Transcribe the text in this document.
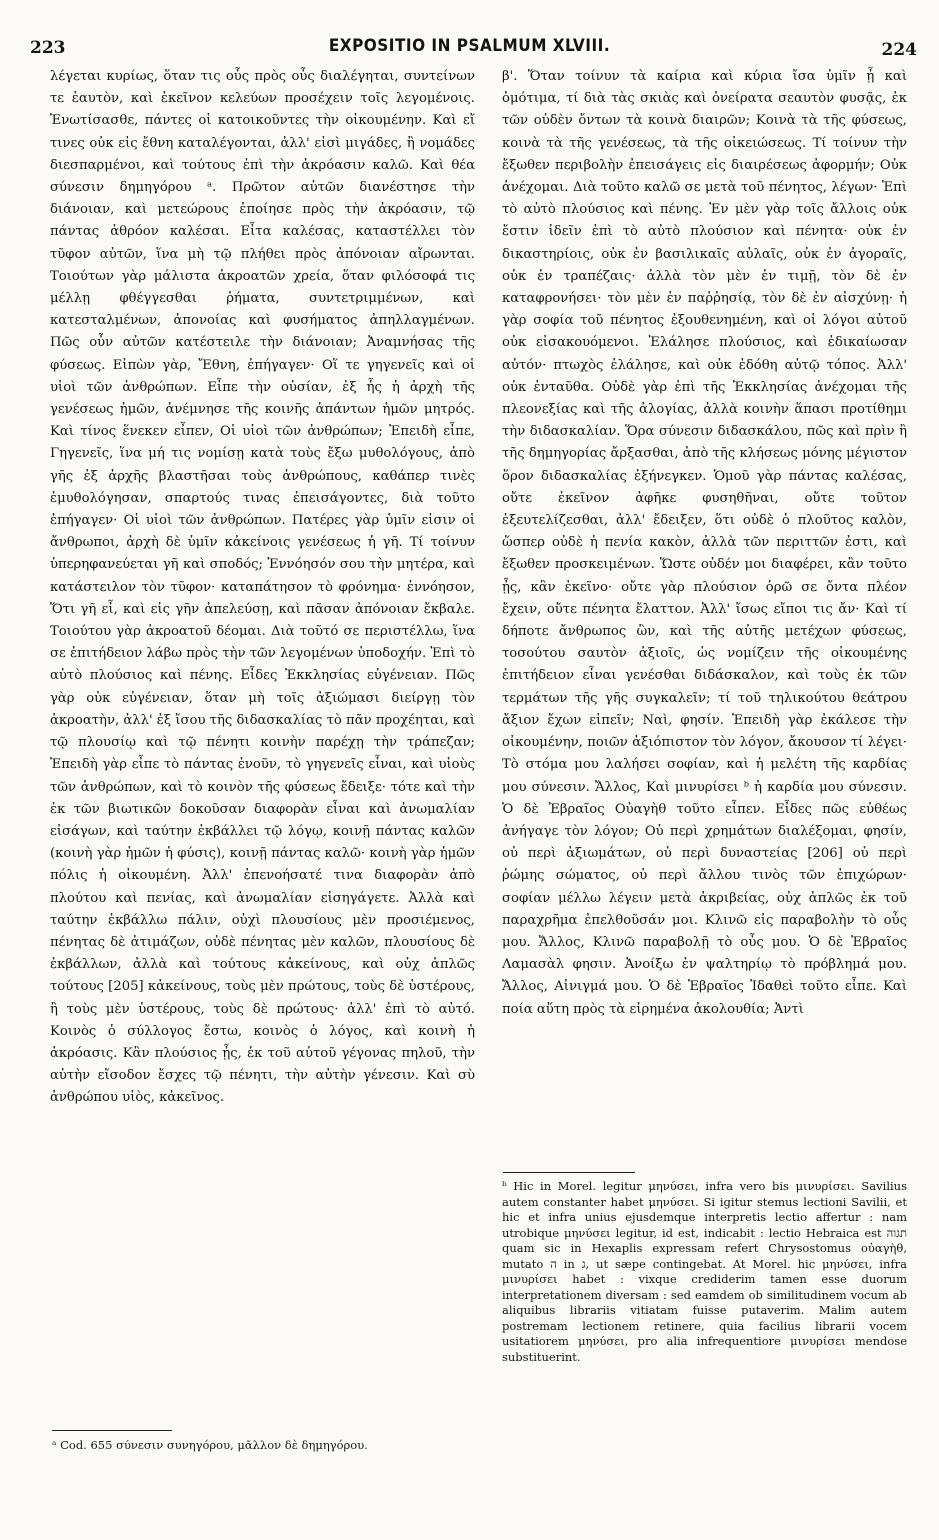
223	EXPOSITIO IN PSALMUM XLVIII.	224

λέγεται κυρίως, ὅταν τις οὖς πρὸς οὖς διαλέγηται, συντείνων τε ἑαυτὸν, καὶ ἐκεῖνον κελεύων προσέχειν τοῖς λεγομένοις. Ἐνωτίσασθε, πάντες οἱ κατοικοῦντες τὴν οἰκουμένην. Καὶ εἴ τινες οὐκ εἰς ἔθνη καταλέγονται, ἀλλ' εἰσὶ μιγάδες, ἢ νομάδες διεσπαρμένοι, καὶ τούτους ἐπὶ τὴν ἀκρόασιν καλῶ. Καὶ θέα σύνεσιν δημηγόρου ᵃ. Πρῶτον αὐτῶν διανέστησε τὴν διάνοιαν, καὶ μετεώρους ἐποίησε πρὸς τὴν ἀκρόασιν, τῷ πάντας ἀθρόον καλέσαι. Εἶτα καλέσας, καταστέλλει τὸν τῦφον αὐτῶν, ἵνα μὴ τῷ πλήθει πρὸς ἀπόνοιαν αἴρωνται. Τοιούτων γὰρ μάλιστα ἀκροατῶν χρεία, ὅταν φιλόσοφά τις μέλλῃ φθέγγεσθαι ῥήματα, συντετριμμένων, καὶ κατεσταλμένων, ἀπονοίας καὶ φυσήματος ἀπηλλαγμένων. Πῶς οὖν αὐτῶν κατέστειλε τὴν διάνοιαν; Ἀναμνήσας τῆς φύσεως. Εἰπὼν γὰρ, Ἔθνη, ἐπήγαγεν· Οἵ τε γηγενεῖς καὶ οἱ υἱοὶ τῶν ἀνθρώπων. Εἶπε τὴν οὐσίαν, ἐξ ἧς ἡ ἀρχὴ τῆς γενέσεως ἡμῶν, ἀνέμνησε τῆς κοινῆς ἁπάντων ἡμῶν μητρός. Καὶ τίνος ἕνεκεν εἶπεν, Οἱ υἱοὶ τῶν ἀνθρώπων; Ἐπειδὴ εἶπε, Γηγενεῖς, ἵνα μή τις νομίσῃ κατὰ τοὺς ἔξω μυθολόγους, ἀπὸ γῆς ἐξ ἀρχῆς βλαστῆσαι τοὺς ἀνθρώπους, καθάπερ τινὲς ἐμυθολόγησαν, σπαρτούς τινας ἐπεισάγοντες, διὰ τοῦτο ἐπήγαγεν· Οἱ υἱοὶ τῶν ἀνθρώπων. Πατέρες γὰρ ὑμῖν εἰσιν οἱ ἄνθρωποι, ἀρχὴ δὲ ὑμῖν κἀκείνοις γενέσεως ἡ γῆ. Τί τοίνυν ὑπερηφανεύεται γῆ καὶ σποδός; Ἐννόησόν σου τὴν μητέρα, καὶ κατάστειλον τὸν τῦφον· καταπάτησον τὸ φρόνημα· ἐννόησον, Ὅτι γῆ εἶ, καὶ εἰς γῆν ἀπελεύσῃ, καὶ πᾶσαν ἀπόνοιαν ἔκβαλε. Τοιούτου γὰρ ἀκροατοῦ δέομαι. Διὰ τοῦτό σε περιστέλλω, ἵνα σε ἐπιτήδειον λάβω πρὸς τὴν τῶν λεγομένων ὑποδοχήν. Ἐπὶ τὸ αὐτὸ πλούσιος καὶ πένης. Εἶδες Ἐκκλησίας εὐγένειαν. Πῶς γὰρ οὐκ εὐγένειαν, ὅταν μὴ τοῖς ἀξιώμασι διείργῃ τὸν ἀκροατὴν, ἀλλ' ἐξ ἴσου τῆς διδασκαλίας τὸ πᾶν προχέηται, καὶ τῷ πλουσίῳ καὶ τῷ πένητι κοινὴν παρέχῃ τὴν τράπεζαν; Ἐπειδὴ γὰρ εἶπε τὸ πάντας ἐνοῦν, τὸ γηγενεῖς εἶναι, καὶ υἱοὺς τῶν ἀνθρώπων, καὶ τὸ κοινὸν τῆς φύσεως ἔδειξε· τότε καὶ τὴν ἐκ τῶν βιωτικῶν δοκοῦσαν διαφορὰν εἶναι καὶ ἀνωμαλίαν εἰσάγων, καὶ ταύτην ἐκβάλλει τῷ λόγῳ, κοινῇ πάντας καλῶν (κοινὴ γὰρ ἡμῶν ἡ φύσις), κοινῇ πάντας καλῶ· κοινὴ γὰρ ἡμῶν πόλις ἡ οἰκουμένη. Ἀλλ' ἐπενοήσατέ τινα διαφορὰν ἀπὸ πλούτου καὶ πενίας, καὶ ἀνωμαλίαν εἰσηγάγετε. Ἀλλὰ καὶ ταύτην ἐκβάλλω πάλιν, οὐχὶ πλουσίους μὲν προσιέμενος, πένητας δὲ ἀτιμάζων, οὐδὲ πένητας μὲν καλῶν, πλουσίους δὲ ἐκβάλλων, ἀλλὰ καὶ τούτους κἀκείνους, καὶ οὐχ ἁπλῶς τούτους [205] κἀκείνους, τοὺς μὲν πρώτους, τοὺς δὲ ὑστέρους, ἢ τοὺς μὲν ὑστέρους, τοὺς δὲ πρώτους· ἀλλ' ἐπὶ τὸ αὐτό. Κοινὸς ὁ σύλλογος ἔστω, κοινὸς ὁ λόγος, καὶ κοινὴ ἡ ἀκρόασις. Κἂν πλούσιος ᾖς, ἐκ τοῦ αὐτοῦ γέγονας πηλοῦ, τὴν αὐτὴν εἴσοδον ἔσχες τῷ πένητι, τὴν αὐτὴν γένεσιν. Καὶ σὺ ἀνθρώπου υἱὸς, κἀκεῖνος.

β'. Ὅταν τοίνυν τὰ καίρια καὶ κύρια ἴσα ὑμῖν ᾖ καὶ ὁμότιμα, τί διὰ τὰς σκιὰς καὶ ὀνείρατα σεαυτὸν φυσᾷς, ἐκ τῶν οὐδὲν ὄντων τὰ κοινὰ διαιρῶν; Κοινὰ τὰ τῆς φύσεως, κοινὰ τὰ τῆς γενέσεως, τὰ τῆς οἰκειώσεως. Τί τοίνυν τὴν ἔξωθεν περιβολὴν ἐπεισάγεις εἰς διαιρέσεως ἀφορμήν; Οὐκ ἀνέχομαι. Διὰ τοῦτο καλῶ σε μετὰ τοῦ πένητος, λέγων· Ἐπὶ τὸ αὐτὸ πλούσιος καὶ πένης. Ἐν μὲν γὰρ τοῖς ἄλλοις οὐκ ἔστιν ἰδεῖν ἐπὶ τὸ αὐτὸ πλούσιον καὶ πένητα· οὐκ ἐν δικαστηρίοις, οὐκ ἐν βασιλικαῖς αὐλαῖς, οὐκ ἐν ἀγοραῖς, οὐκ ἐν τραπέζαις· ἀλλὰ τὸν μὲν ἐν τιμῇ, τὸν δὲ ἐν καταφρονήσει· τὸν μὲν ἐν παῤῥησίᾳ, τὸν δὲ ἐν αἰσχύνῃ· ἡ γὰρ σοφία τοῦ πένητος ἐξουθενημένη, καὶ οἱ λόγοι αὐτοῦ οὐκ εἰσακουόμενοι. Ἐλάλησε πλούσιος, καὶ ἐδικαίωσαν αὐτόν· πτωχὸς ἐλάλησε, καὶ οὐκ ἐδόθη αὐτῷ τόπος. Ἀλλ' οὐκ ἐνταῦθα. Οὐδὲ γὰρ ἐπὶ τῆς Ἐκκλησίας ἀνέχομαι τῆς πλεονεξίας καὶ τῆς ἀλογίας, ἀλλὰ κοινὴν ἅπασι προτίθημι τὴν διδασκαλίαν. Ὅρα σύνεσιν διδασκάλου, πῶς καὶ πρὶν ἢ τῆς δημηγορίας ἄρξασθαι, ἀπὸ τῆς κλήσεως μόνης μέγιστον ὅρον διδασκαλίας ἐξήνεγκεν. Ὁμοῦ γὰρ πάντας καλέσας, οὔτε ἐκεῖνον ἀφῆκε φυσηθῆναι, οὔτε τοῦτον ἐξευτελίζεσθαι, ἀλλ' ἔδειξεν, ὅτι οὐδὲ ὁ πλοῦτος καλὸν, ὥσπερ οὐδὲ ἡ πενία κακὸν, ἀλλὰ τῶν περιττῶν ἐστι, καὶ ἔξωθεν προσκειμένων. Ὥστε οὐδέν μοι διαφέρει, κἂν τοῦτο ᾖς, κἂν ἐκεῖνο· οὔτε γὰρ πλούσιον ὁρῶ σε ὄντα πλέον ἔχειν, οὔτε πένητα ἔλαττον. Ἀλλ' ἴσως εἴποι τις ἄν· Καὶ τί δήποτε ἄνθρωπος ὢν, καὶ τῆς αὐτῆς μετέχων φύσεως, τοσούτου σαυτὸν ἀξιοῖς, ὡς νομίζειν τῆς οἰκουμένης ἐπιτήδειον εἶναι γενέσθαι διδάσκαλον, καὶ τοὺς ἐκ τῶν τερμάτων τῆς γῆς συγκαλεῖν; τί τοῦ τηλικούτου θεάτρου ἄξιον ἔχων εἰπεῖν; Ναὶ, φησίν. Ἐπειδὴ γὰρ ἐκάλεσε τὴν οἰκουμένην, ποιῶν ἀξιόπιστον τὸν λόγον, ἄκουσον τί λέγει· Τὸ στόμα μου λαλήσει σοφίαν, καὶ ἡ μελέτη τῆς καρδίας μου σύνεσιν. Ἄλλος, Καὶ μινυρίσει ᵇ ἡ καρδία μου σύνεσιν. Ὁ δὲ Ἑβραῖος Οὐαγὴθ τοῦτο εἶπεν. Εἶδες πῶς εὐθέως ἀνήγαγε τὸν λόγον; Οὐ περὶ χρημάτων διαλέξομαι, φησίν, οὐ περὶ ἀξιωμάτων, οὐ περὶ δυναστείας [206] οὐ περὶ ῥώμης σώματος, οὐ περὶ ἄλλου τινὸς τῶν ἐπιχώρων· σοφίαν μέλλω λέγειν μετὰ ἀκριβείας, οὐχ ἁπλῶς ἐκ τοῦ παραχρῆμα ἐπελθοῦσάν μοι. Κλινῶ εἰς παραβολὴν τὸ οὖς μου. Ἄλλος, Κλινῶ παραβολῇ τὸ οὖς μου. Ὁ δὲ Ἑβραῖος Λαμασὰλ φησιν. Ἀνοίξω ἐν ψαλτηρίῳ τὸ πρόβλημά μου. Ἄλλος, Αἰνιγμά μου. Ὁ δὲ Ἑβραῖος Ἰδαθεὶ τοῦτο εἶπε. Καὶ ποία αὕτη πρὸς τὰ εἰρημένα ἀκολουθία; Ἀντὶ

ᵇ Hic in Morel. legitur μηνύσει, infra vero bis μινυρίσει. Savilius autem constanter habet μηνύσει. Si igitur stemus lectioni Savilii, et hic et infra unius ejusdemque interpretis lectio affertur : nam utrobique μηνύσει legitur, id est, indicabit : lectio Hebraica est תגוה quam sic in Hexaplis expressam refert Chrysostomus οὐαγὴθ, mutato ה in ג, ut sæpe contingebat. At Morel. hic μηνύσει, infra μινυρίσει habet : vixque crediderim tamen esse duorum interpretationem diversam : sed eamdem ob similitudinem vocum ab aliquibus librariis vitiatam fuisse putaverim. Malim autem postremam lectionem retinere, quia facilius librarii vocem usitatiorem μηνύσει, pro alia infrequentiore μινυρίσει mendose substituerint.

ᵃ Cod. 655 σύνεσιν συνηγόρου, μᾶλλον δὲ δημηγόρου.
